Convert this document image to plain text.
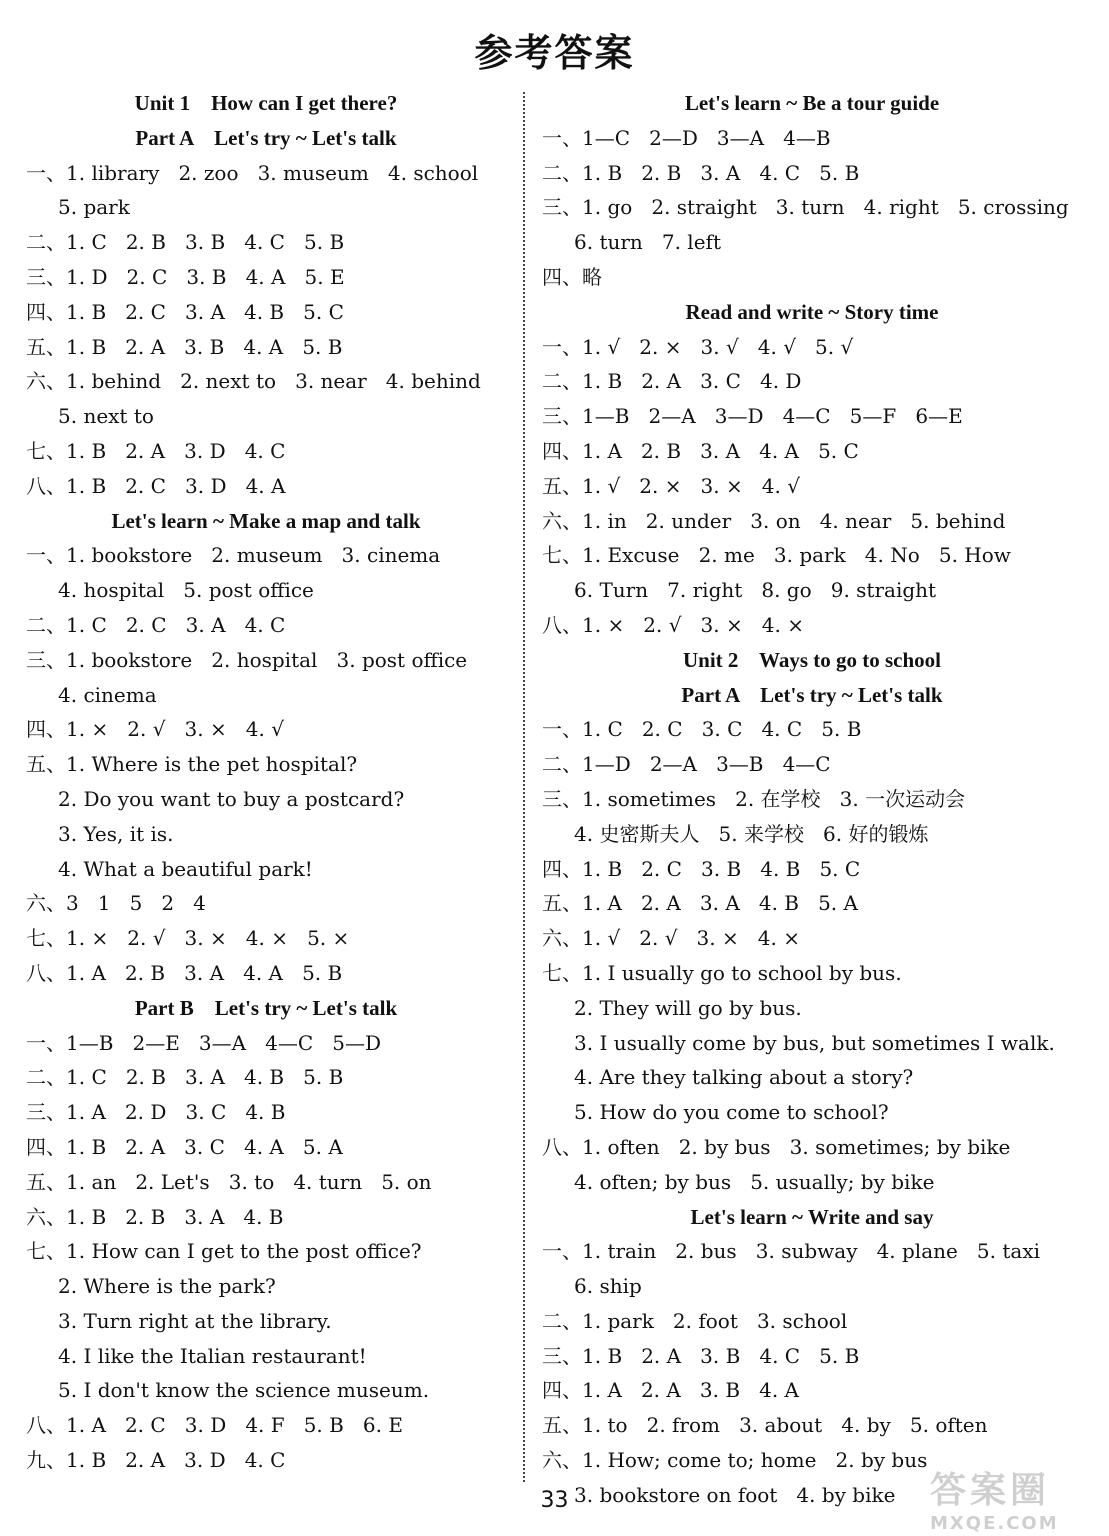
参考答案
Unit 1    How can I get there?
Part A    Let's try ~ Let's talk
一、1. library   2. zoo   3. museum   4. school
5. park
二、1. C   2. B   3. B   4. C   5. B
三、1. D   2. C   3. B   4. A   5. E
四、1. B   2. C   3. A   4. B   5. C
五、1. B   2. A   3. B   4. A   5. B
六、1. behind   2. next to   3. near   4. behind
5. next to
七、1. B   2. A   3. D   4. C
八、1. B   2. C   3. D   4. A
Let's learn ~ Make a map and talk
一、1. bookstore   2. museum   3. cinema
4. hospital   5. post office
二、1. C   2. C   3. A   4. C
三、1. bookstore   2. hospital   3. post office
4. cinema
四、1. ×   2. √   3. ×   4. √
五、1. Where is the pet hospital?
2. Do you want to buy a postcard?
3. Yes, it is.
4. What a beautiful park!
六、3   1   5   2   4
七、1. ×   2. √   3. ×   4. ×   5. ×
八、1. A   2. B   3. A   4. A   5. B
Part B    Let's try ~ Let's talk
一、1—B   2—E   3—A   4—C   5—D
二、1. C   2. B   3. A   4. B   5. B
三、1. A   2. D   3. C   4. B
四、1. B   2. A   3. C   4. A   5. A
五、1. an   2. Let's   3. to   4. turn   5. on
六、1. B   2. B   3. A   4. B
七、1. How can I get to the post office?
2. Where is the park?
3. Turn right at the library.
4. I like the Italian restaurant!
5. I don't know the science museum.
八、1. A   2. C   3. D   4. F   5. B   6. E
九、1. B   2. A   3. D   4. C
Let's learn ~ Be a tour guide
一、1—C   2—D   3—A   4—B
二、1. B   2. B   3. A   4. C   5. B
三、1. go   2. straight   3. turn   4. right   5. crossing
6. turn   7. left
四、略
Read and write ~ Story time
一、1. √   2. ×   3. √   4. √   5. √
二、1. B   2. A   3. C   4. D
三、1—B   2—A   3—D   4—C   5—F   6—E
四、1. A   2. B   3. A   4. A   5. C
五、1. √   2. ×   3. ×   4. √
六、1. in   2. under   3. on   4. near   5. behind
七、1. Excuse   2. me   3. park   4. No   5. How
6. Turn   7. right   8. go   9. straight
八、1. ×   2. √   3. ×   4. ×
Unit 2    Ways to go to school
Part A    Let's try ~ Let's talk
一、1. C   2. C   3. C   4. C   5. B
二、1—D   2—A   3—B   4—C
三、1. sometimes   2. 在学校   3. 一次运动会
4. 史密斯夫人   5. 来学校   6. 好的锻炼
四、1. B   2. C   3. B   4. B   5. C
五、1. A   2. A   3. A   4. B   5. A
六、1. √   2. √   3. ×   4. ×
七、1. I usually go to school by bus.
2. They will go by bus.
3. I usually come by bus, but sometimes I walk.
4. Are they talking about a story?
5. How do you come to school?
八、1. often   2. by bus   3. sometimes; by bike
4. often; by bus   5. usually; by bike
Let's learn ~ Write and say
一、1. train   2. bus   3. subway   4. plane   5. taxi
6. ship
二、1. park   2. foot   3. school
三、1. B   2. A   3. B   4. C   5. B
四、1. A   2. A   3. B   4. A
五、1. to   2. from   3. about   4. by   5. often
六、1. How; come to; home   2. by bus
3. bookstore on foot   4. by bike
33	答案圈
MXQE.COM
